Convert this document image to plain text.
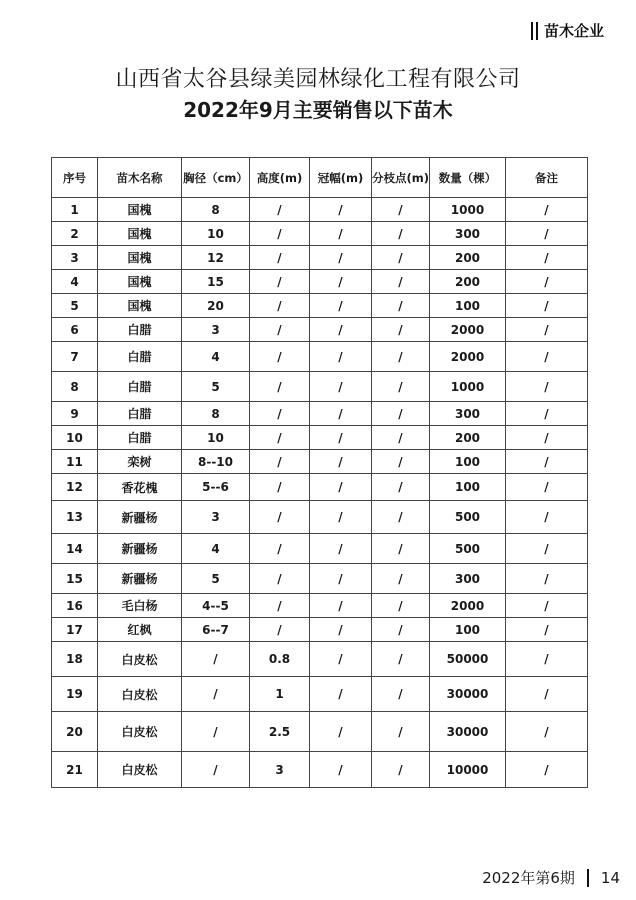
苗木企业
山西省太谷县绿美园林绿化工程有限公司
2022年9月主要销售以下苗木
序号	苗木名称	胸径（cm）	高度(m)	冠幅(m)	分枝点(m)	数量（棵）	备注
1	国槐	8	/	/	/	1000	/
2	国槐	10	/	/	/	300	/
3	国槐	12	/	/	/	200	/
4	国槐	15	/	/	/	200	/
5	国槐	20	/	/	/	100	/
6	白腊	3	/	/	/	2000	/
7	白腊	4	/	/	/	2000	/
8	白腊	5	/	/	/	1000	/
9	白腊	8	/	/	/	300	/
10	白腊	10	/	/	/	200	/
11	栾树	8--10	/	/	/	100	/
12	香花槐	5--6	/	/	/	100	/
13	新疆杨	3	/	/	/	500	/
14	新疆杨	4	/	/	/	500	/
15	新疆杨	5	/	/	/	300	/
16	毛白杨	4--5	/	/	/	2000	/
17	红枫	6--7	/	/	/	100	/
18	白皮松	/	0.8	/	/	50000	/
19	白皮松	/	1	/	/	30000	/
20	白皮松	/	2.5	/	/	30000	/
21	白皮松	/	3	/	/	10000	/
2022年第6期 14
